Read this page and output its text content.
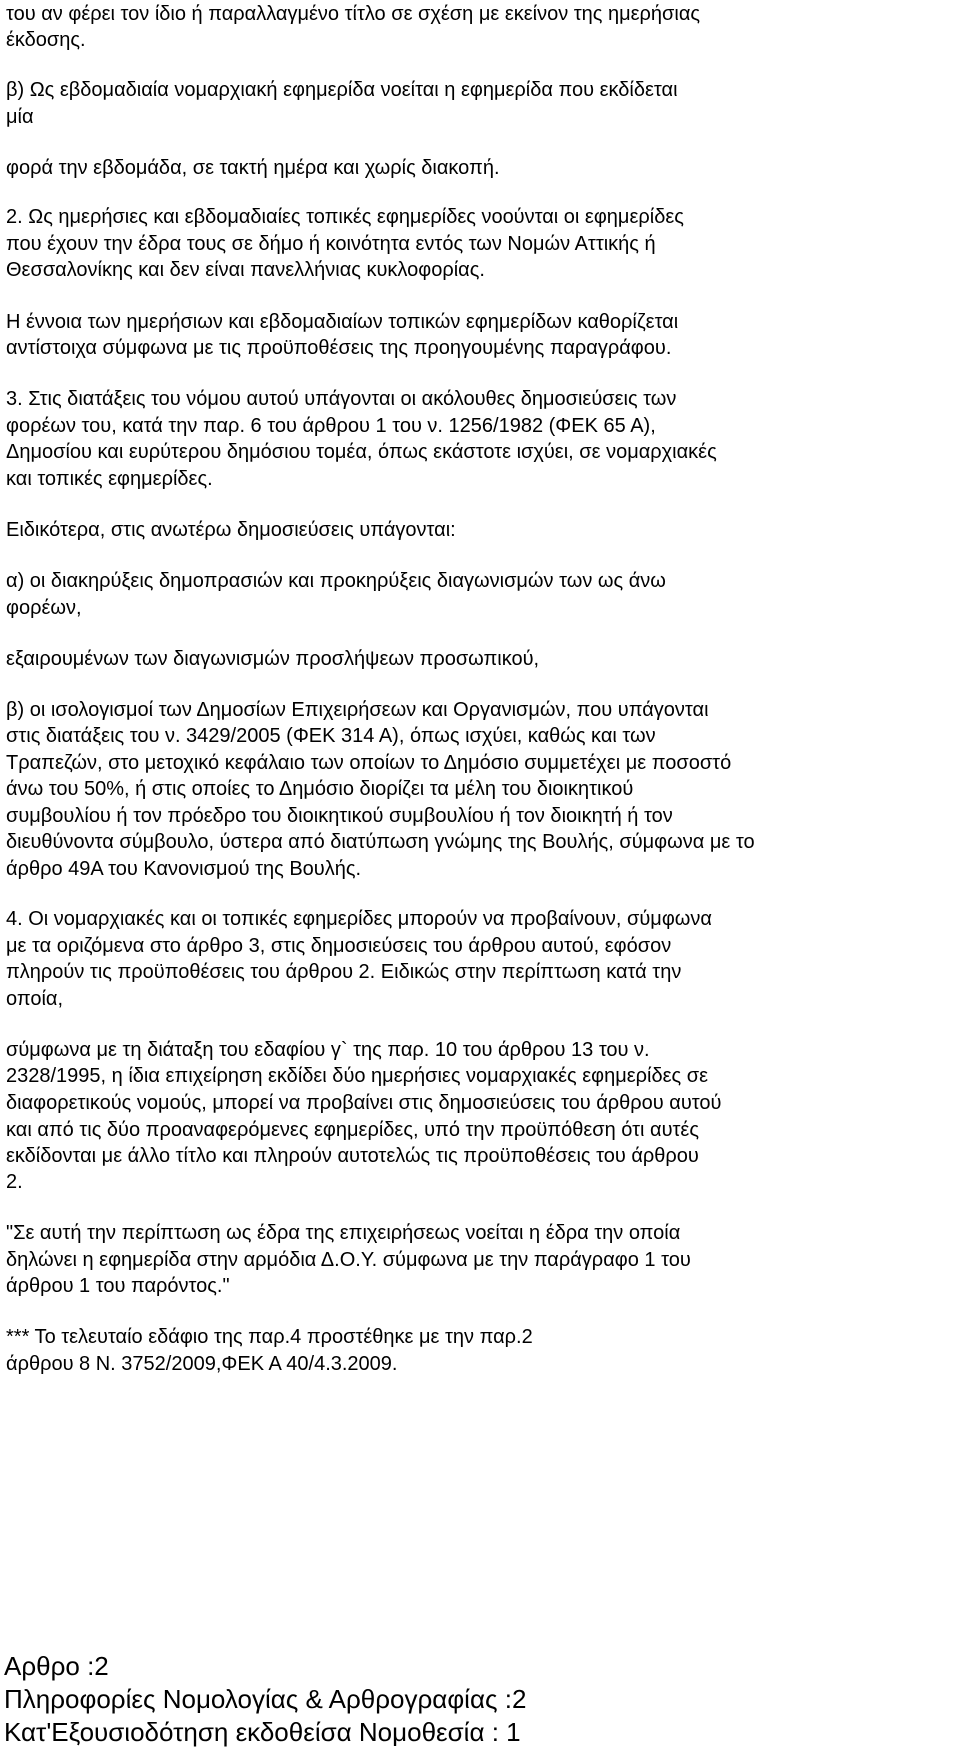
του αν φέρει τον ίδιο ή παραλλαγμένο τίτλο σε σχέση με εκείνον της ημερήσιας

έκδοσης.

β) Ως εβδομαδιαία νομαρχιακή εφημερίδα νοείται η εφημερίδα που εκδίδεται

μία

φορά την εβδομάδα, σε τακτή ημέρα και χωρίς διακοπή.

2. Ως ημερήσιες και εβδομαδιαίες τοπικές εφημερίδες νοούνται οι εφημερίδες

που έχουν την έδρα τους σε δήμο ή κοινότητα εντός των Νομών Αττικής ή

Θεσσαλονίκης και δεν είναι πανελλήνιας κυκλοφορίας.

Η έννοια των ημερήσιων και εβδομαδιαίων τοπικών εφημερίδων καθορίζεται

αντίστοιχα σύμφωνα με τις προϋποθέσεις της προηγουμένης παραγράφου.

3. Στις διατάξεις του νόμου αυτού υπάγονται οι ακόλουθες δημοσιεύσεις των

φορέων του, κατά την παρ. 6 του άρθρου 1 του ν. 1256/1982 (ΦΕΚ 65 Α),

Δημοσίου και ευρύτερου δημόσιου τομέα, όπως εκάστοτε ισχύει, σε νομαρχιακές

και τοπικές εφημερίδες.

Ειδικότερα, στις ανωτέρω δημοσιεύσεις υπάγονται:

α) οι διακηρύξεις δημοπρασιών και προκηρύξεις διαγωνισμών των ως άνω

φορέων,

εξαιρουμένων των διαγωνισμών προσλήψεων προσωπικού,

β) οι ισολογισμοί των Δημοσίων Επιχειρήσεων και Οργανισμών, που υπάγονται

στις διατάξεις του ν. 3429/2005 (ΦΕΚ 314 Α), όπως ισχύει, καθώς και των

Τραπεζών, στο μετοχικό κεφάλαιο των οποίων το Δημόσιο συμμετέχει με ποσοστό

άνω του 50%, ή στις οποίες το Δημόσιο διορίζει τα μέλη του διοικητικού

συμβουλίου ή τον πρόεδρο του διοικητικού συμβουλίου ή τον διοικητή ή τον

διευθύνοντα σύμβουλο, ύστερα από διατύπωση γνώμης της Βουλής, σύμφωνα με το

άρθρο 49Α του Κανονισμού της Βουλής.

4. Οι νομαρχιακές και οι τοπικές εφημερίδες μπορούν να προβαίνουν, σύμφωνα

με τα οριζόμενα στο άρθρο 3, στις δημοσιεύσεις του άρθρου αυτού, εφόσον

πληρούν τις προϋποθέσεις του άρθρου 2. Ειδικώς στην περίπτωση κατά την

οποία,

σύμφωνα με τη διάταξη του εδαφίου γ` της παρ. 10 του άρθρου 13 του ν.

2328/1995, η ίδια επιχείρηση εκδίδει δύο ημερήσιες νομαρχιακές εφημερίδες σε

διαφορετικούς νομούς, μπορεί να προβαίνει στις δημοσιεύσεις του άρθρου αυτού

και από τις δύο προαναφερόμενες εφημερίδες, υπό την προϋπόθεση ότι αυτές

εκδίδονται με άλλο τίτλο και πληρούν αυτοτελώς τις προϋποθέσεις του άρθρου

2.

"Σε αυτή την περίπτωση ως έδρα της επιχειρήσεως νοείται η έδρα την οποία

δηλώνει η εφημερίδα στην αρμόδια Δ.Ο.Υ. σύμφωνα με την παράγραφο 1 του

άρθρου 1 του παρόντος."

*** Το τελευταίο εδάφιο της παρ.4 προστέθηκε με την παρ.2

άρθρου 8 Ν. 3752/2009,ΦΕΚ Α 40/4.3.2009.

Αρθρο :2

Πληροφορίες Νομολογίας & Αρθρογραφίας :2

Κατ'Εξουσιοδότηση εκδοθείσα Νομοθεσία : 1
